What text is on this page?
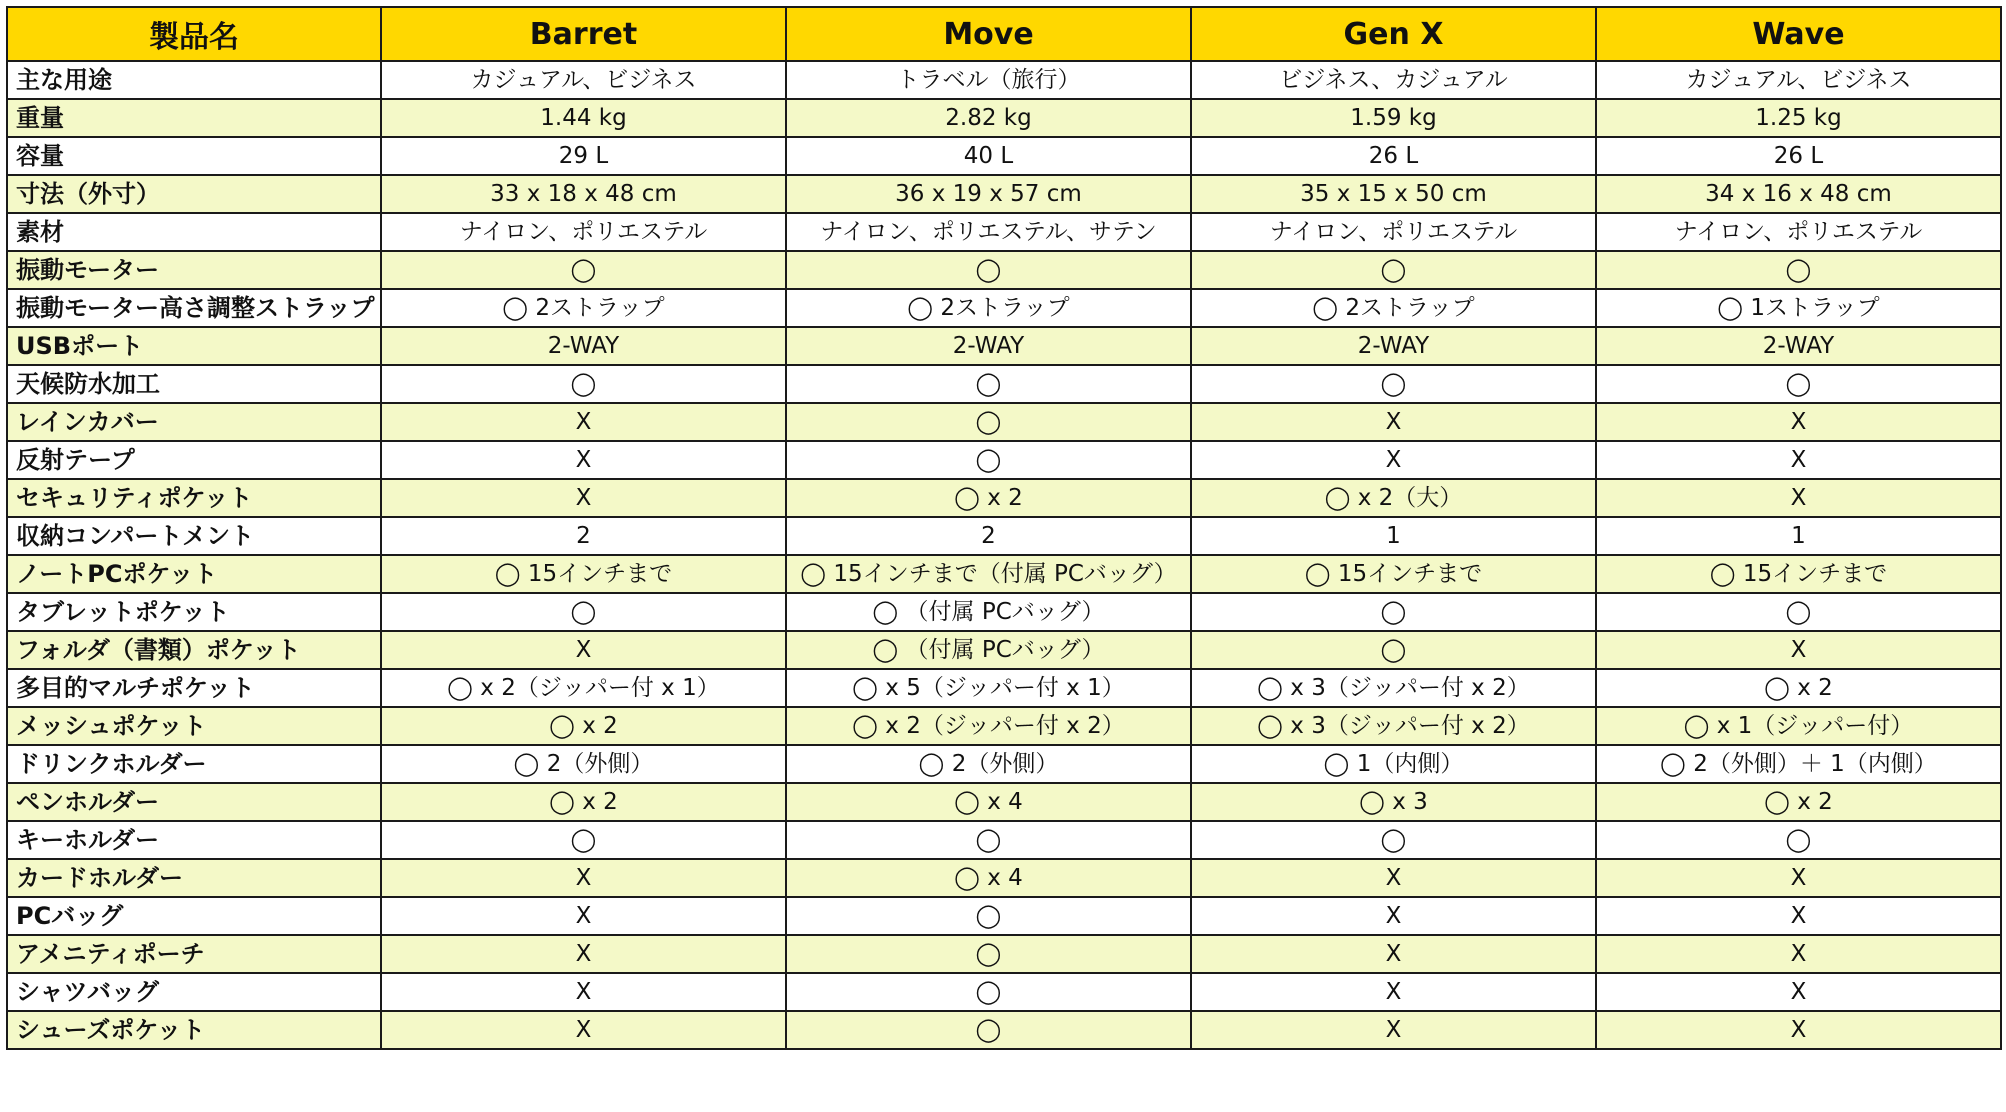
製品名	Barret	Move	Gen X	Wave
主な用途	カジュアル、ビジネス	トラベル（旅行）	ビジネス、カジュアル	カジュアル、ビジネス
重量	1.44 kg	2.82 kg	1.59 kg	1.25 kg
容量	29 L	40 L	26 L	26 L
寸法（外寸）	33 x 18 x 48 cm	36 x 19 x 57 cm	35 x 15 x 50 cm	34 x 16 x 48 cm
素材	ナイロン、ポリエステル	ナイロン、ポリエステル、サテン	ナイロン、ポリエステル	ナイロン、ポリエステル
振動モーター	◯	◯	◯	◯
振動モーター高さ調整ストラップ	◯ 2ストラップ	◯ 2ストラップ	◯ 2ストラップ	◯ 1ストラップ
USBポート	2-WAY	2-WAY	2-WAY	2-WAY
天候防水加工	◯	◯	◯	◯
レインカバー	X	◯	X	X
反射テープ	X	◯	X	X
セキュリティポケット	X	◯ x 2	◯ x 2（大）	X
収納コンパートメント	2	2	1	1
ノートPCポケット	◯ 15インチまで	◯ 15インチまで（付属 PCバッグ）	◯ 15インチまで	◯ 15インチまで
タブレットポケット	◯	◯ （付属 PCバッグ）	◯	◯
フォルダ（書類）ポケット	X	◯ （付属 PCバッグ）	◯	X
多目的マルチポケット	◯ x 2（ジッパー付 x 1）	◯ x 5（ジッパー付 x 1）	◯ x 3（ジッパー付 x 2）	◯ x 2
メッシュポケット	◯ x 2	◯ x 2（ジッパー付 x 2）	◯ x 3（ジッパー付 x 2）	◯ x 1（ジッパー付）
ドリンクホルダー	◯ 2（外側）	◯ 2（外側）	◯ 1（内側）	◯ 2（外側）＋ 1（内側）
ペンホルダー	◯ x 2	◯ x 4	◯ x 3	◯ x 2
キーホルダー	◯	◯	◯	◯
カードホルダー	X	◯ x 4	X	X
PCバッグ	X	◯	X	X
アメニティポーチ	X	◯	X	X
シャツバッグ	X	◯	X	X
シューズポケット	X	◯	X	X
